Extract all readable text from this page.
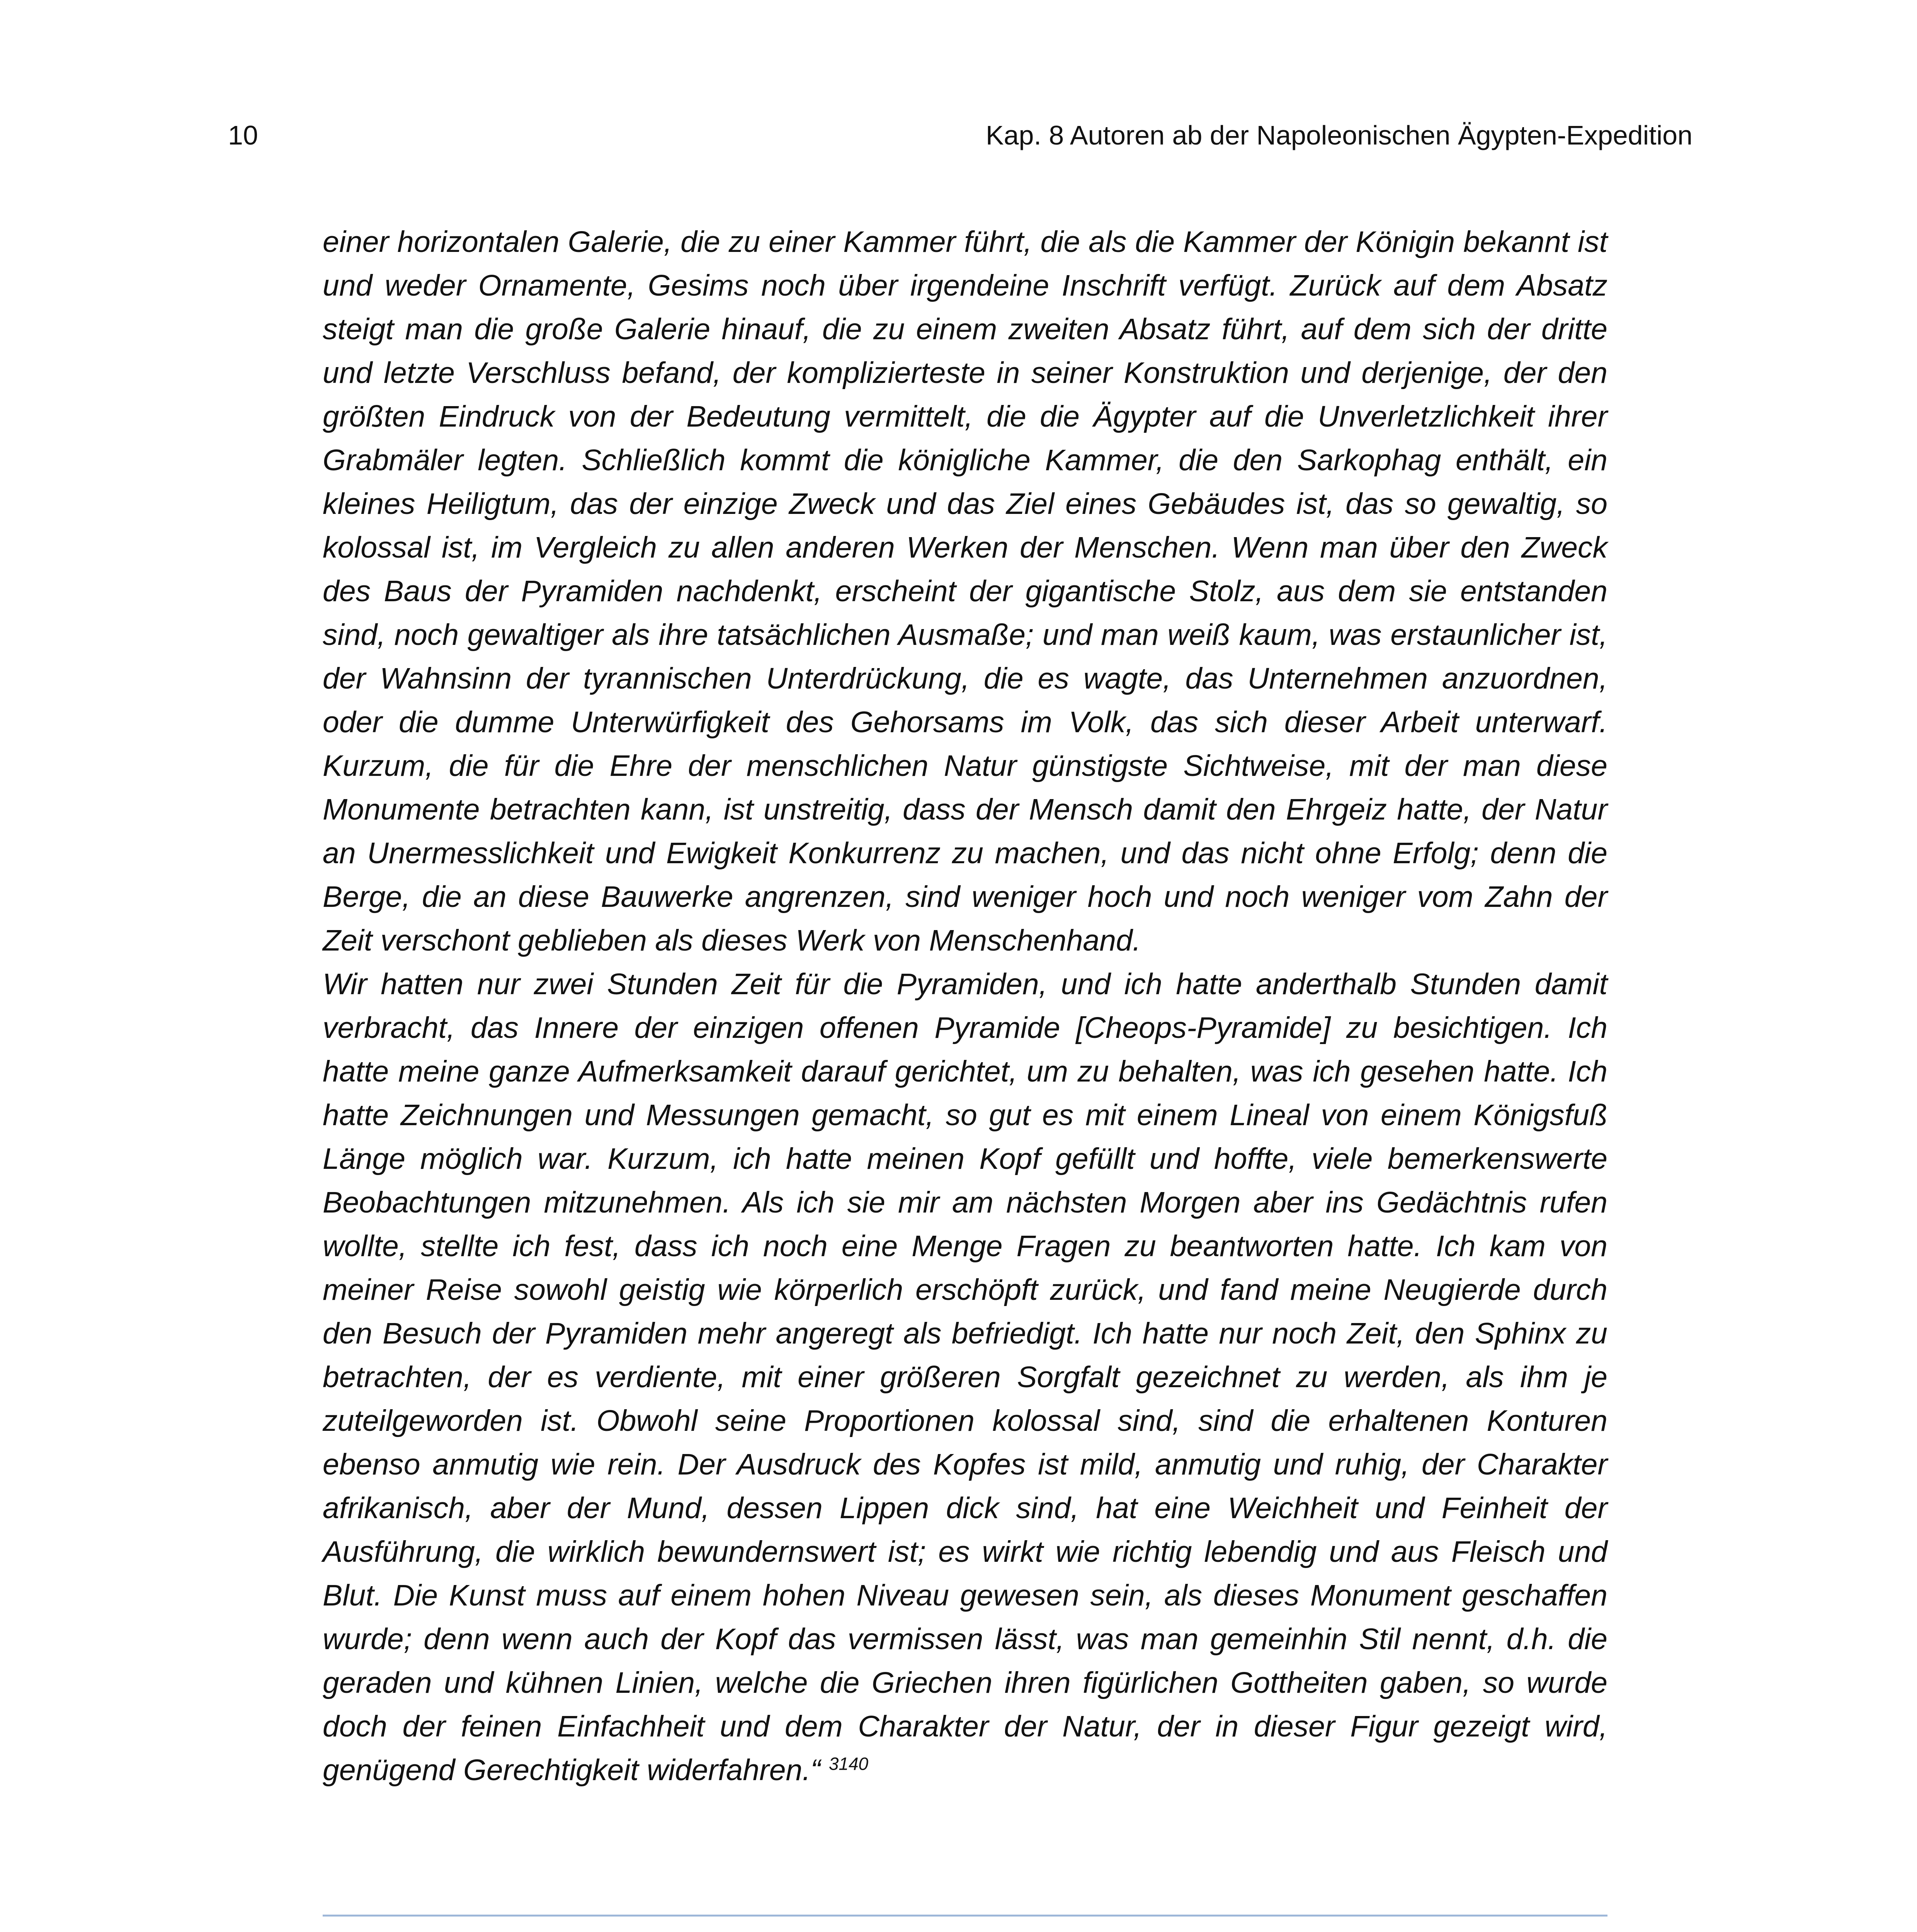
10	Kap. 8 Autoren ab der Napoleonischen Ägypten-Expedition

einer horizontalen Galerie, die zu einer Kammer führt, die als die Kammer der Königin bekannt ist und weder Ornamente, Gesims noch über irgendeine Inschrift verfügt. Zurück auf dem Absatz steigt man die große Galerie hinauf, die zu einem zweiten Absatz führt, auf dem sich der dritte und letzte Verschluss befand, der komplizierteste in seiner Konstruktion und derjenige, der den größten Eindruck von der Bedeutung vermittelt, die die Ägypter auf die Unverletzlichkeit ihrer Grabmäler legten. Schließlich kommt die königliche Kammer, die den Sarkophag enthält, ein kleines Heiligtum, das der einzige Zweck und das Ziel eines Gebäudes ist, das so gewaltig, so kolossal ist, im Vergleich zu allen anderen Werken der Menschen. Wenn man über den Zweck des Baus der Pyramiden nachdenkt, erscheint der gigantische Stolz, aus dem sie entstanden sind, noch gewaltiger als ihre tatsächlichen Ausmaße; und man weiß kaum, was erstaunlicher ist, der Wahnsinn der tyrannischen Unterdrückung, die es wagte, das Unternehmen anzuordnen, oder die dumme Unterwürfigkeit des Gehorsams im Volk, das sich dieser Arbeit unterwarf. Kurzum, die für die Ehre der menschlichen Natur günstigste Sichtweise, mit der man diese Monumente betrachten kann, ist unstreitig, dass der Mensch damit den Ehrgeiz hatte, der Natur an Unermesslichkeit und Ewigkeit Konkurrenz zu machen, und das nicht ohne Erfolg; denn die Berge, die an diese Bauwerke angrenzen, sind weniger hoch und noch weniger vom Zahn der Zeit verschont geblieben als dieses Werk von Menschenhand.

Wir hatten nur zwei Stunden Zeit für die Pyramiden, und ich hatte anderthalb Stunden damit verbracht, das Innere der einzigen offenen Pyramide [Cheops-Pyramide] zu besichtigen. Ich hatte meine ganze Aufmerksamkeit darauf gerichtet, um zu behalten, was ich gesehen hatte. Ich hatte Zeichnungen und Messungen gemacht, so gut es mit einem Lineal von einem Königsfuß Länge möglich war. Kurzum, ich hatte meinen Kopf gefüllt und hoffte, viele bemerkenswerte Beobachtungen mitzunehmen. Als ich sie mir am nächsten Morgen aber ins Gedächtnis rufen wollte, stellte ich fest, dass ich noch eine Menge Fragen zu beantworten hatte. Ich kam von meiner Reise sowohl geistig wie körperlich erschöpft zurück, und fand meine Neugierde durch den Besuch der Pyramiden mehr angeregt als befriedigt. Ich hatte nur noch Zeit, den Sphinx zu betrachten, der es verdiente, mit einer größeren Sorgfalt gezeichnet zu werden, als ihm je zuteilgeworden ist. Obwohl seine Proportionen kolossal sind, sind die erhaltenen Konturen ebenso anmutig wie rein. Der Ausdruck des Kopfes ist mild, anmutig und ruhig, der Charakter afrikanisch, aber der Mund, dessen Lippen dick sind, hat eine Weichheit und Feinheit der Ausführung, die wirklich bewundernswert ist; es wirkt wie richtig lebendig und aus Fleisch und Blut. Die Kunst muss auf einem hohen Niveau gewesen sein, als dieses Monument geschaffen wurde; denn wenn auch der Kopf das vermissen lässt, was man gemeinhin Stil nennt, d.h. die geraden und kühnen Linien, welche die Griechen ihren figürlichen Gottheiten gaben, so wurde doch der feinen Einfachheit und dem Charakter der Natur, der in dieser Figur gezeigt wird, genügend Gerechtigkeit widerfahren.“ $^{3140}$
